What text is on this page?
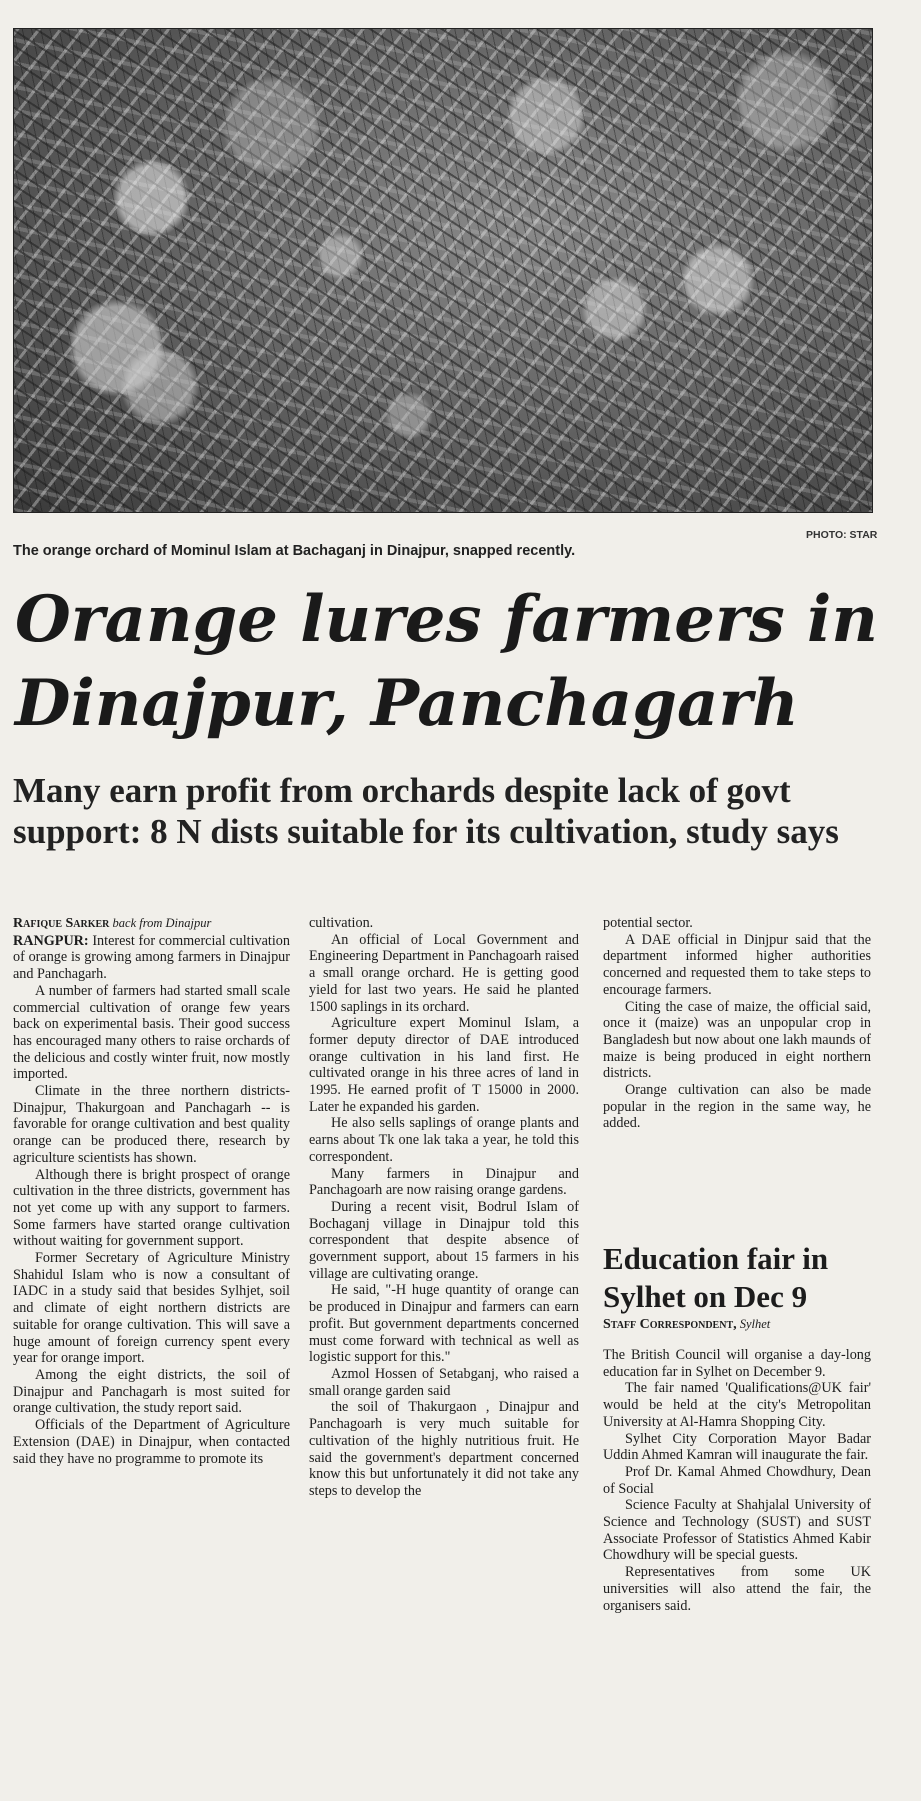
PHOTO: STAR
The orange orchard of Mominul Islam at Bachaganj in Dinajpur, snapped recently.
Orange lures farmers in
Dinajpur, Panchagarh
Many earn profit from orchards despite lack of govt support: 8 N dists suitable for its cultivation, study says

Rafique Sarker back from Dinajpur

RANGPUR: Interest for commercial cultivation of orange is growing among farmers in Dinajpur and Panchagarh.

A number of farmers had started small scale commercial cultivation of orange few years back on experimental basis. Their good success has encouraged many others to raise orchards of the delicious and costly winter fruit, now mostly imported.

Climate in the three northern districts- Dinajpur, Thakurgoan and Panchagarh -- is favorable for orange cultivation and best quality orange can be produced there, research by agriculture scientists has shown.

Although there is bright prospect of orange cultivation in the three districts, government has not yet come up with any support to farmers. Some farmers have started orange cultivation without waiting for government support.

Former Secretary of Agriculture Ministry Shahidul Islam who is now a consultant of IADC in a study said that besides Sylhjet, soil and climate of eight northern districts are suitable for orange cultivation. This will save a huge amount of foreign currency spent every year for orange import.

Among the eight districts, the soil of Dinajpur and Panchagarh is most suited for orange cultivation, the study report said.

Officials of the Department of Agriculture Extension (DAE) in Dinajpur, when contacted said they have no programme to promote its

cultivation.

An official of Local Government and Engineering Department in Panchagoarh raised a small orange orchard. He is getting good yield for last two years. He said he planted 1500 saplings in its orchard.

Agriculture expert Mominul Islam, a former deputy director of DAE introduced orange cultivation in his land first. He cultivated orange in his three acres of land in 1995. He earned profit of T 15000 in 2000. Later he expanded his garden.

He also sells saplings of orange plants and earns about Tk one lak taka a year, he told this correspondent.

Many farmers in Dinajpur and Panchagoarh are now raising orange gardens.

During a recent visit, Bodrul Islam of Bochaganj village in Dinajpur told this correspondent that despite absence of government support, about 15 farmers in his village are cultivating orange.

He said, "-H huge quantity of orange can be produced in Dinajpur and farmers can earn profit. But government departments concerned must come forward with technical as well as logistic support for this."

Azmol Hossen of Setabganj, who raised a small orange garden said

the soil of Thakurgaon , Dinajpur and Panchagoarh is very much suitable for cultivation of the highly nutritious fruit. He said the government's department concerned know this but unfortunately it did not take any steps to develop the

potential sector.

A DAE official in Dinjpur said that the department informed higher authorities concerned and requested them to take steps to encourage farmers.

Citing the case of maize, the official said, once it (maize) was an unpopular crop in Bangladesh but now about one lakh maunds of maize is being produced in eight northern districts.

Orange cultivation can also be made popular in the region in the same way, he added.

Education fair in
Sylhet on Dec 9
Staff Correspondent, Sylhet

The British Council will organise a day-long education far in Sylhet on December 9.

The fair named 'Qualifications@UK fair' would be held at the city's Metropolitan University at Al-Hamra Shopping City.

Sylhet City Corporation Mayor Badar Uddin Ahmed Kamran will inaugurate the fair.

Prof Dr. Kamal Ahmed Chowdhury, Dean of Social

Science Faculty at Shahjalal University of Science and Technology (SUST) and SUST Associate Professor of Statistics Ahmed Kabir Chowdhury will be special guests.

Representatives from some UK universities will also attend the fair, the organisers said.
